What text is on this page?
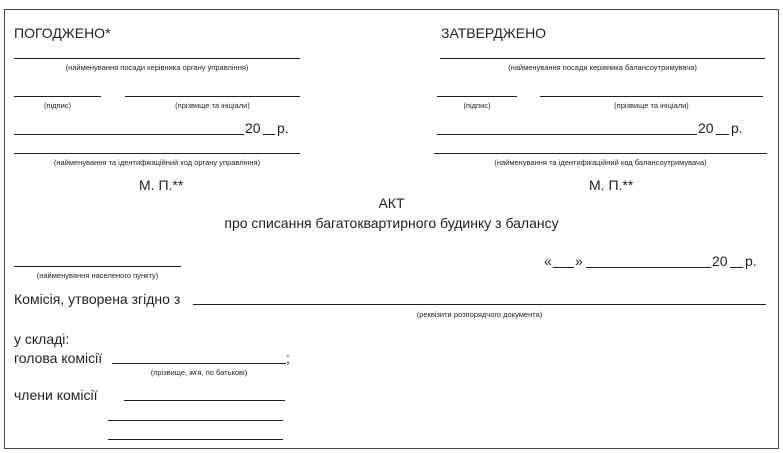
ПОГОДЖЕНО*
(найменування посади керівника органу управління)
(підпис)	(прізвище та ініціали)
20 р.
(найменування та ідентифікаційний код органу управління)
М. П.**
ЗАТВЕРДЖЕНО
(найменування посади керівника балансоутримувача)
(підпис)	(прізвище та ініціали)
20 р.
(найменування та ідентифікаційний код балансоутримувача)
М. П.**
АКТ
про списання багатоквартирного будинку з балансу
(найменування населеного пункту)
« »	20 р.
Комісія, утворена згідно з
(реквізити розпорядчого документа)
у складі:
голова комісії	;
(прізвище, ім'я, по батькові)
члени комісії
